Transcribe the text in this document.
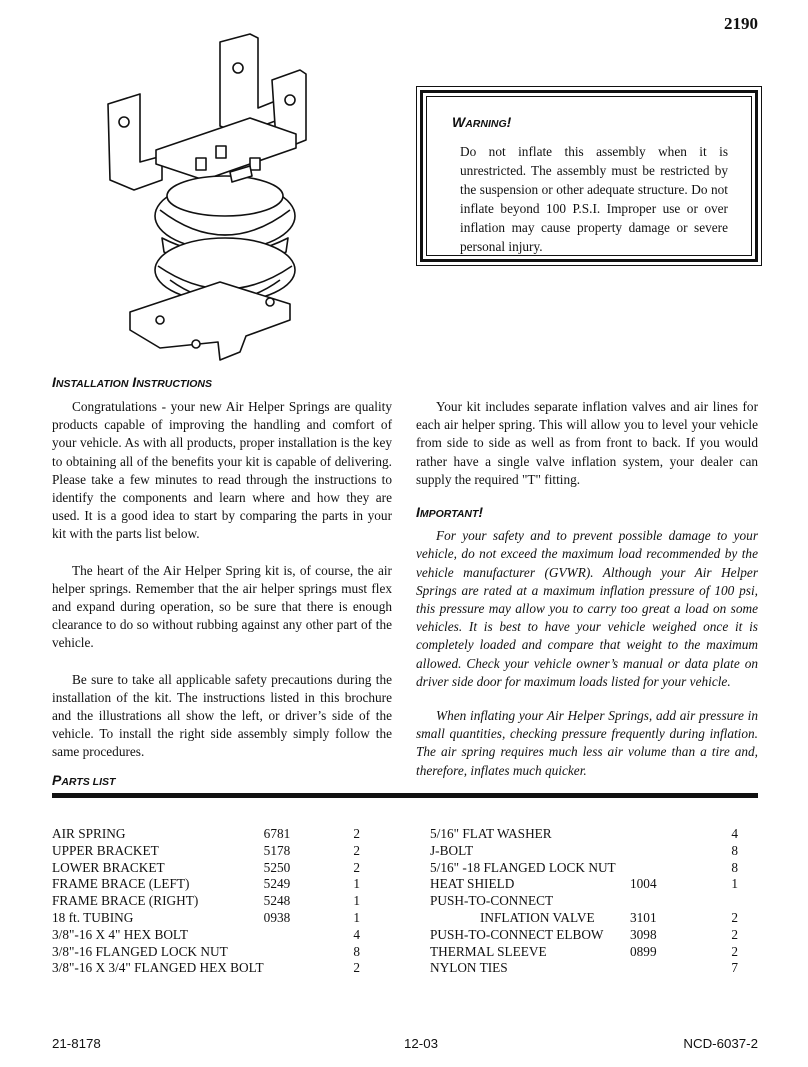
2190
WARNING!
Do not inflate this assembly when it is unrestricted. The assembly must be restricted by the suspension or other adequate structure. Do not inflate beyond 100 P.S.I. Improper use or over inflation may cause property damage or severe personal injury.
INSTALLATION INSTRUCTIONS

Congratulations - your new Air Helper Springs are quality products capable of improving the handling and comfort of your vehicle. As with all products, proper installation is the key to obtaining all of the benefits your kit is capable of delivering. Please take a few minutes to read through the instructions to identify the components and learn where and how they are used. It is a good idea to start by comparing the parts in your kit with the parts list below.

The heart of the Air Helper Spring kit is, of course, the air helper springs. Remember that the air helper springs must flex and expand during operation, so be sure that there is enough clearance to do so without rubbing against any other part of the vehicle.

Be sure to take all applicable safety precautions during the installation of the kit. The instructions listed in this brochure and the illustrations all show the left, or driver’s side of the vehicle. To install the right side assembly simply follow the same procedures.

Your kit includes separate inflation valves and air lines for each air helper spring. This will allow you to level your vehicle from side to side as well as from front to back. If you would rather have a single valve inflation system, your dealer can supply the required "T" fitting.

IMPORTANT!

For your safety and to prevent possible damage to your vehicle, do not exceed the maximum load recommended by the vehicle manufacturer (GVWR). Although your Air Helper Springs are rated at a maximum inflation pressure of 100 psi, this pressure may allow you to carry too great a load on some vehicles. It is best to have your vehicle weighed once it is completely loaded and compare that weight to the maximum allowed. Check your vehicle owner’s manual or data plate on driver side door for maximum loads listed for your vehicle.

When inflating your Air Helper Springs, add air pressure in small quantities, checking pressure frequently during inflation. The air spring requires much less air volume than a tire and, therefore, inflates much quicker.

PARTS LIST
AIR SPRING	6781	2
UPPER BRACKET	5178	2
LOWER BRACKET	5250	2
FRAME BRACE (LEFT)	5249	1
FRAME BRACE (RIGHT)	5248	1
18 ft. TUBING	0938	1
3/8"-16 X 4" HEX BOLT		4
3/8"-16 FLANGED LOCK NUT		8
3/8"-16 X 3/4" FLANGED HEX BOLT		2
5/16" FLAT WASHER		4
J-BOLT		8
5/16" -18 FLANGED LOCK NUT		8
HEAT SHIELD	1004	1
PUSH-TO-CONNECT		
INFLATION VALVE	3101	2
PUSH-TO-CONNECT ELBOW	3098	2
THERMAL SLEEVE	0899	2
NYLON TIES		7
21-8178	12-03	NCD-6037-2
